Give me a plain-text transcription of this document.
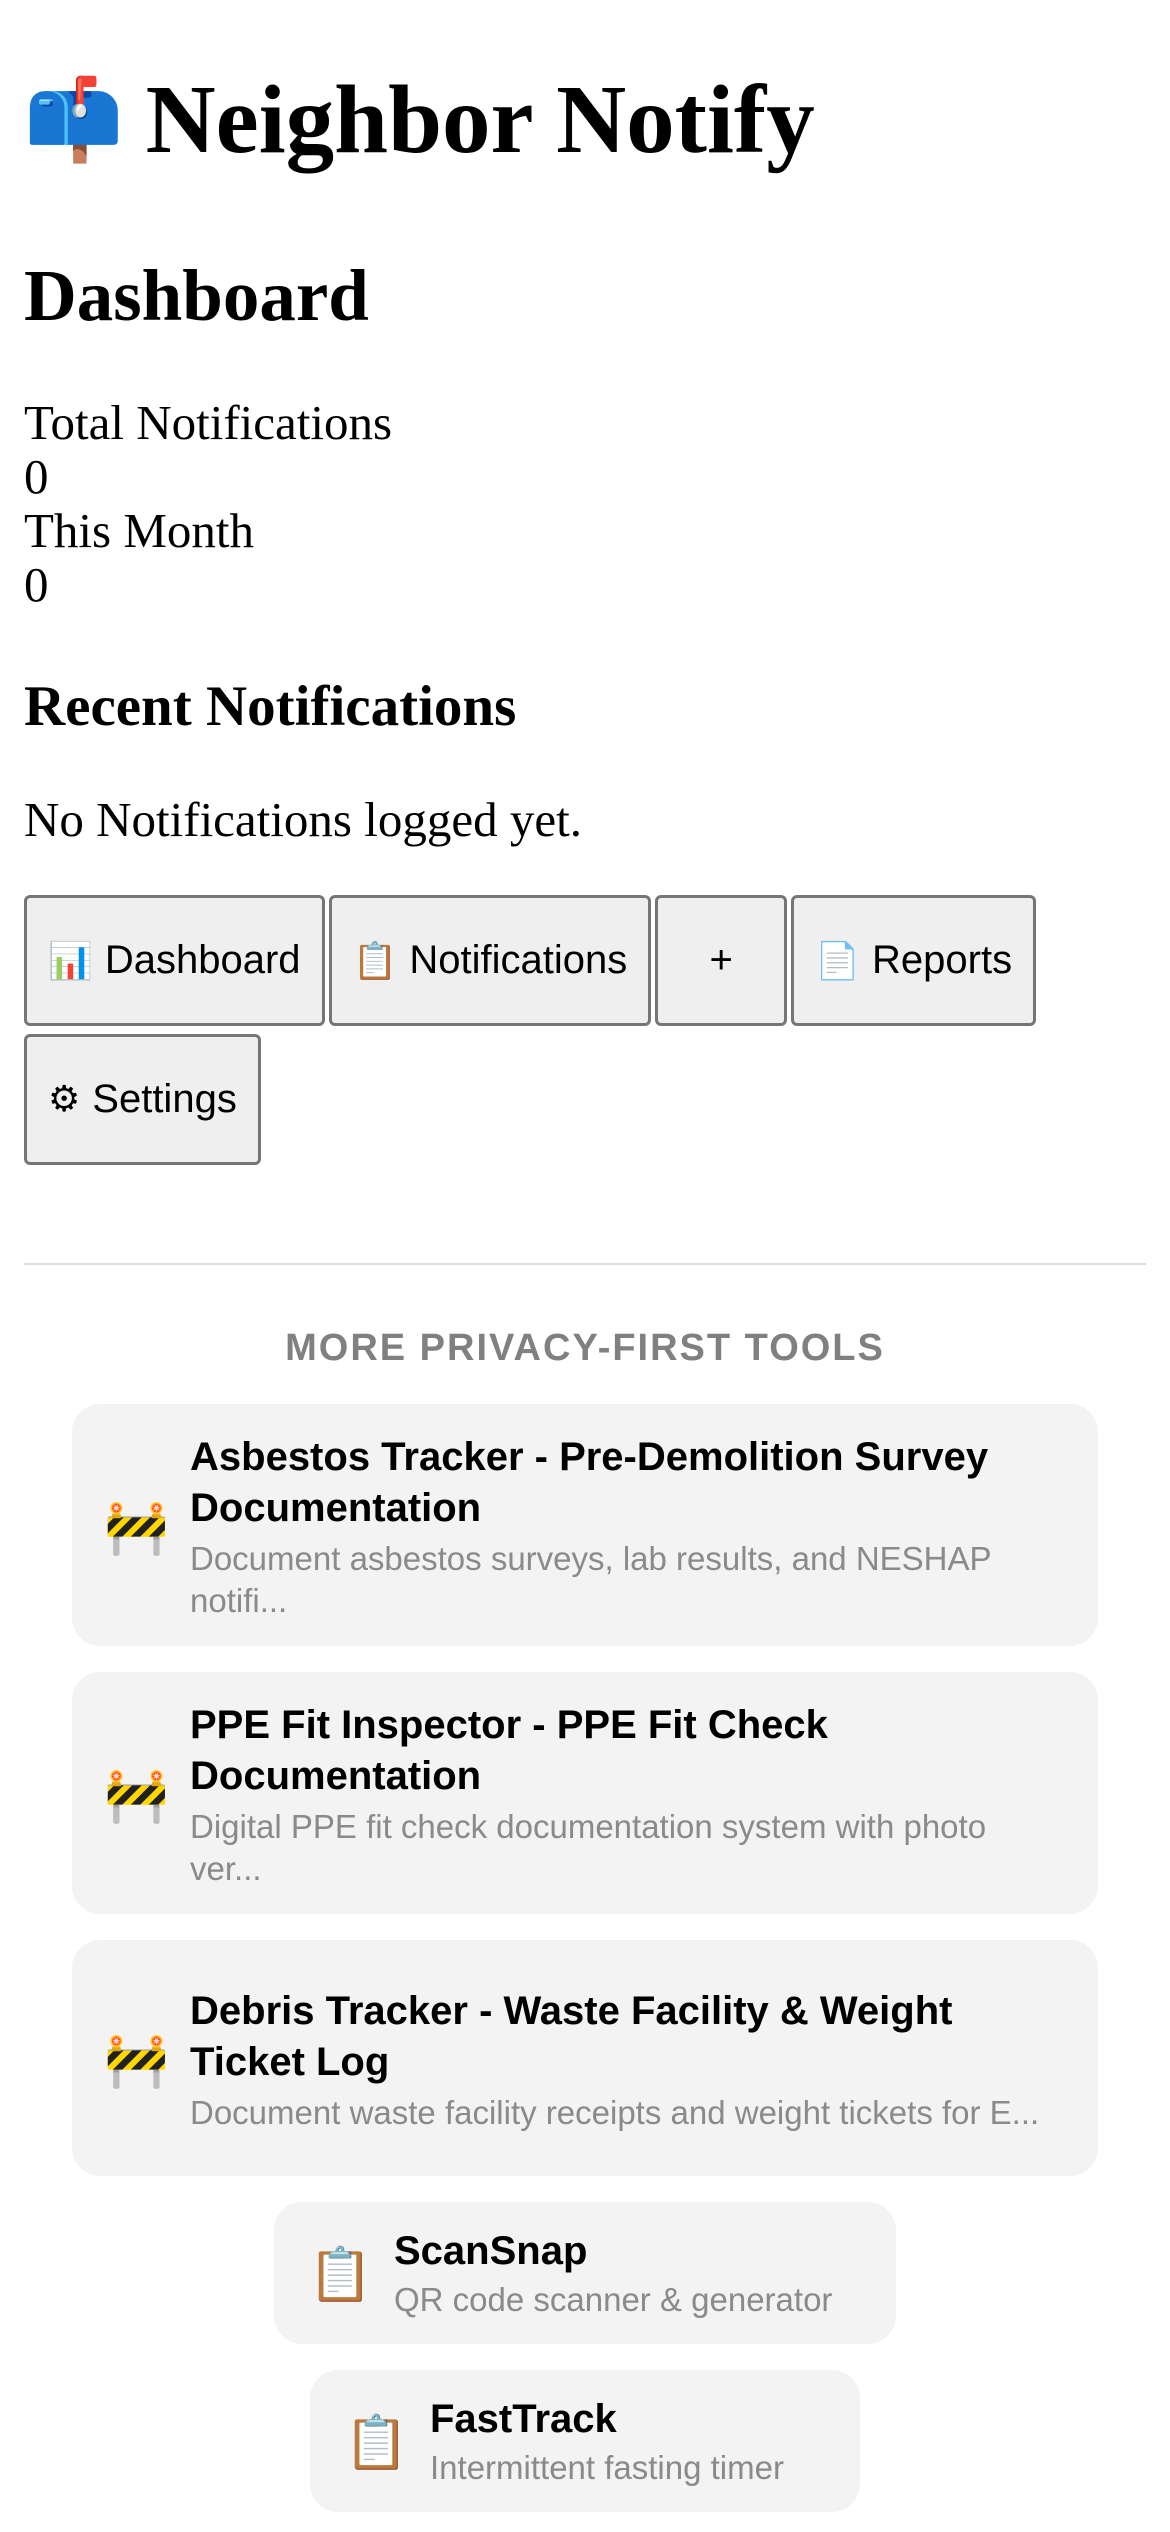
📫 Neighbor Notify
Dashboard
Total Notifications
0
This Month
0
Recent Notifications
No Notifications logged yet.
📊 Dashboard 📋 Notifications + 📄 Reports
⚙ Settings
MORE PRIVACY-FIRST TOOLS
🚧
Asbestos Tracker - Pre-Demolition Survey Documentation
Document asbestos surveys, lab results, and NESHAP notifi...
🚧
PPE Fit Inspector - PPE Fit Check Documentation
Digital PPE fit check documentation system with photo ver...
🚧
Debris Tracker - Waste Facility & Weight Ticket Log
Document waste facility receipts and weight tickets for E...
📋 ScanSnap
QR code scanner & generator
📋 FastTrack
Intermittent fasting timer
